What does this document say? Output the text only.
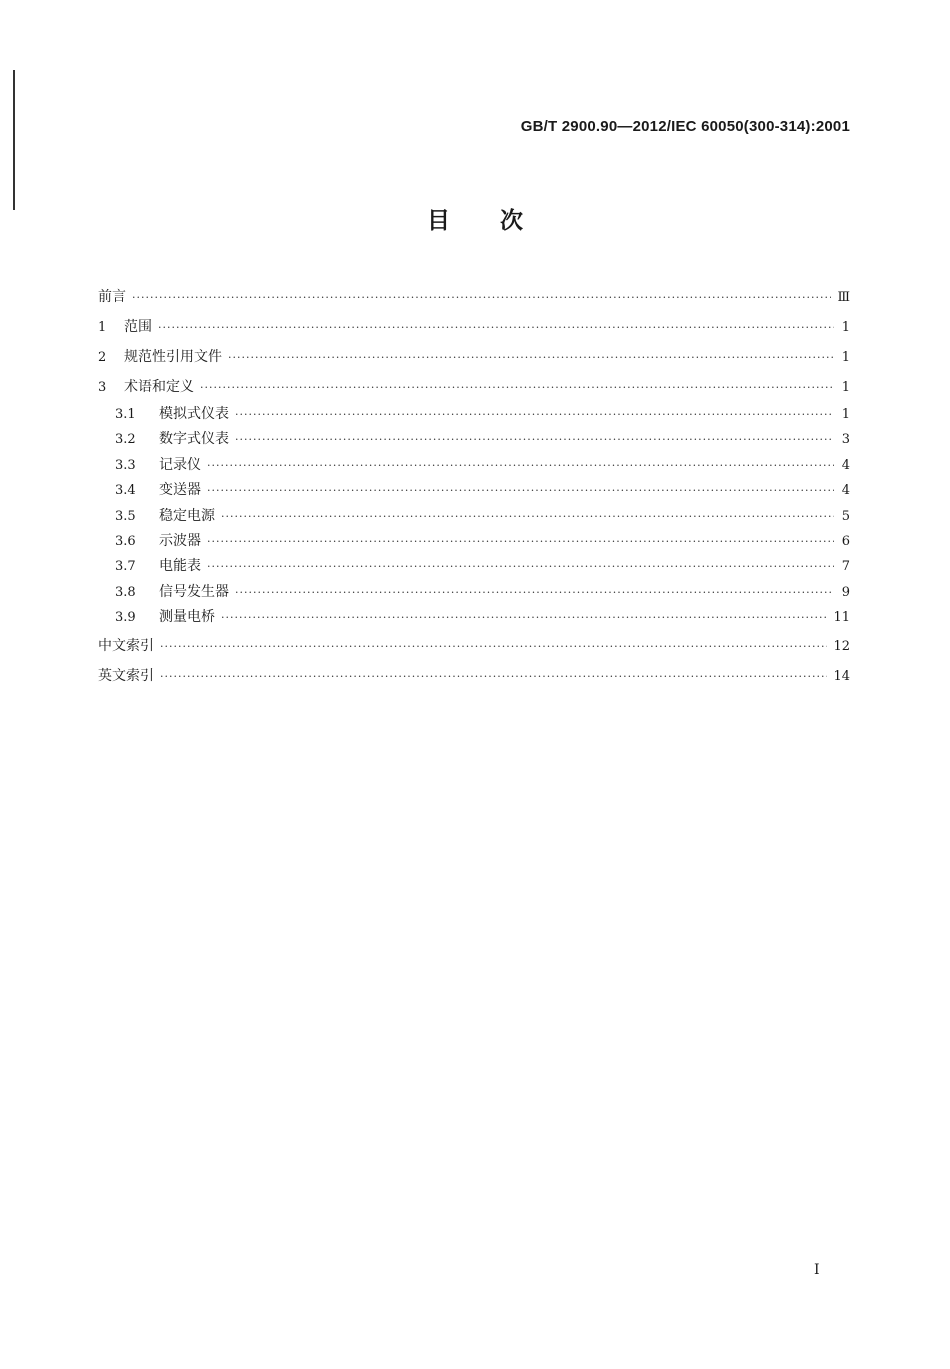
GB/T 2900.90—2012/IEC 60050(300-314):2001
目次
前言 ·····	Ⅲ
1	范围 ·····	1
2	规范性引用文件 ·····	1
3	术语和定义 ·····	1
3.1	模拟式仪表 ·····	1
3.2	数字式仪表 ·····	3
3.3	记录仪 ·····	4
3.4	变送器 ·····	4
3.5	稳定电源 ·····	5
3.6	示波器 ·····	6
3.7	电能表 ·····	7
3.8	信号发生器 ·····	9
3.9	测量电桥 ·····	11
中文索引 ·····	12
英文索引 ·····	14
I
